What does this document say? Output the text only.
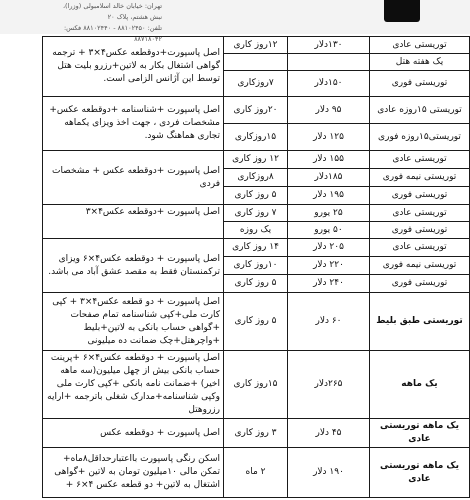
تهران: خیابان خالد اسلامبولی (وزرا)، نبش هشتم، پلاک ۲۰
تلفن: ۸۸۱۰۲۴۵۰ - ۸۸۱۰۲۴۴۰ فکس: ۸۸۷۱۸۰۴۲
توریستی عادی	۱۳۰دلار	۱۲روز کاری	اصل پاسپورت+دوقطعه عکس۴×۳ + ترجمه گواهی اشتغال بکار به لاتین+رزرو بلیت هتل توسط این آژانس الزامی است.
یک هفته هتل			
توریستی فوری	۱۵۰دلار	۷روزکاری	
توریستی ۱۵روزه عادی	۹۵ دلار	۲۰روز کاری	اصل پاسپورت +شناسنامه +دوقطعه عکس+ مشخصات فردی ، جهت اخذ ویزای یکماهه تجاری هماهنگ شود.
توریستی۱۵روزه فوری	۱۲۵ دلار	۱۵روزکاری	
توریستی عادی	۱۵۵ دلار	۱۲ روز کاری	اصل پاسپورت +دوقطعه عکس + مشخصات فردی
توریستی نیمه فوری	۱۸۵دلار	۸روزکاری	
توریستی فوری	۱۹۵ دلار	۵ روز کاری	
توریستی عادی	۲۵ یورو	۷ روز کاری	اصل پاسپورت +دوقطعه عکس۴×۳
توریستی فوری	۵۰ یورو	یک روزه	
توریستی عادی	۲۰۵ دلار	۱۴ روز کاری	اصل پاسپورت + دوقطعه عکس۴×۶ ویزای ترکمنستان فقط به مقصد عشق آباد می باشد.
توریستی نیمه فوری	۲۲۰ دلار	۱۰روز کاری	
توریستی فوری	۲۴۰ دلار	۵ روز کاری	
توریستی طبق بلیط	۶۰ دلار	۵ روز کاری	اصل پاسپورت + دو قطعه عکس۴×۳ + کپی کارت ملی+کپی شناسنامه تمام صفحات +گواهی حساب بانکی به لاتین+بلیط +واچرهتل+چک ضمانت ده میلیونی
یک ماهه	۲۶۵دلار	۱۵روز کاری	اصل پاسپورت + دوقطعه عکس۴×۶ +پرینت حساب بانکی بیش از چهل میلیون(سه ماهه اخیر) +ضمانت نامه بانکی +کپی کارت ملی وکپی شناسنامه+مدارک شغلی باترجمه +ارایه رزروهتل
یک ماهه توریستی عادی	۴۵ دلار	۳ روز کاری	اصل پاسپورت + دوقطعه عکس
یک ماهه توریستی عادی	۱۹۰ دلار	۲ ماه	اسکن رنگی پاسپورت بااعتبارحداقل۸ماه+ تمکن مالی ۱۰میلیون تومان به لاتین +گواهی اشتغال به لاتین+ دو قطعه عکس ۴×۶ +
